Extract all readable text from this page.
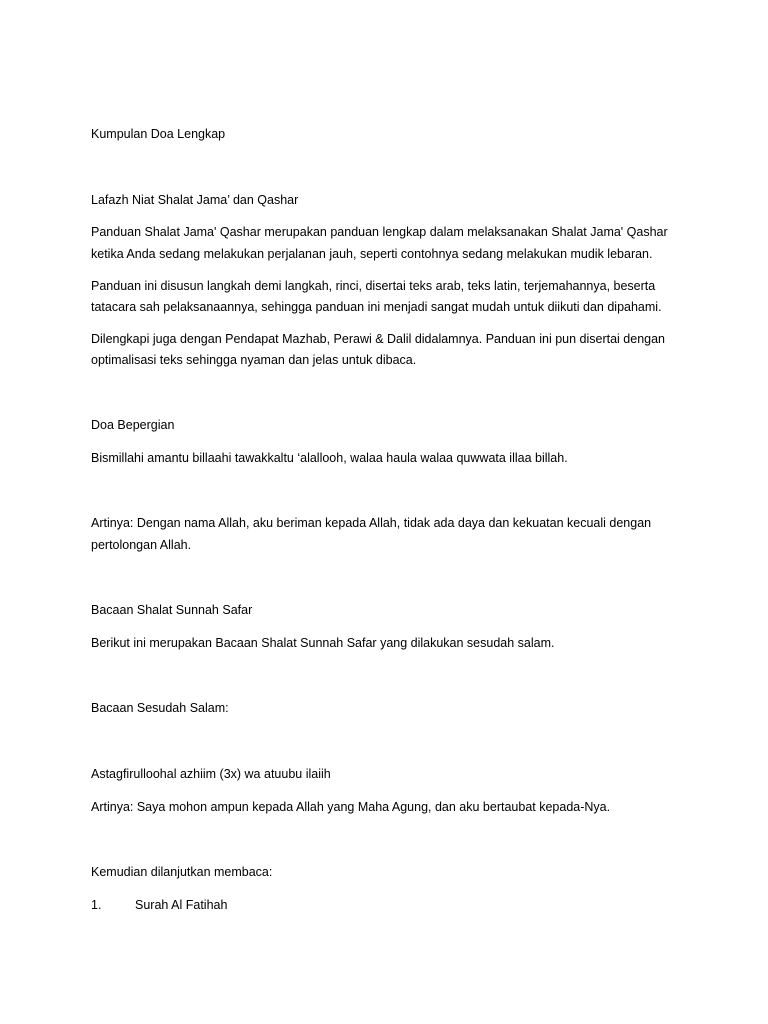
Kumpulan Doa Lengkap
Lafazh Niat Shalat Jama’ dan Qashar
Panduan Shalat Jama' Qashar merupakan panduan lengkap dalam melaksanakan Shalat Jama' Qashar
ketika Anda sedang melakukan perjalanan jauh, seperti contohnya sedang melakukan mudik lebaran.
Panduan ini disusun langkah demi langkah, rinci, disertai teks arab, teks latin, terjemahannya, beserta
tatacara sah pelaksanaannya, sehingga panduan ini menjadi sangat mudah untuk diikuti dan dipahami.
Dilengkapi juga dengan Pendapat Mazhab, Perawi & Dalil didalamnya. Panduan ini pun disertai dengan
optimalisasi teks sehingga nyaman dan jelas untuk dibaca.
Doa Bepergian
Bismillahi amantu billaahi tawakkaltu ‘alallooh, walaa haula walaa quwwata illaa billah.
Artinya: Dengan nama Allah, aku beriman kepada Allah, tidak ada daya dan kekuatan kecuali dengan
pertolongan Allah.
Bacaan Shalat Sunnah Safar
Berikut ini merupakan Bacaan Shalat Sunnah Safar yang dilakukan sesudah salam.
Bacaan Sesudah Salam:
Astagfirulloohal azhiim (3x) wa atuubu ilaiih
Artinya: Saya mohon ampun kepada Allah yang Maha Agung, dan aku bertaubat kepada-Nya.
Kemudian dilanjutkan membaca:
1.	Surah Al Fatihah
